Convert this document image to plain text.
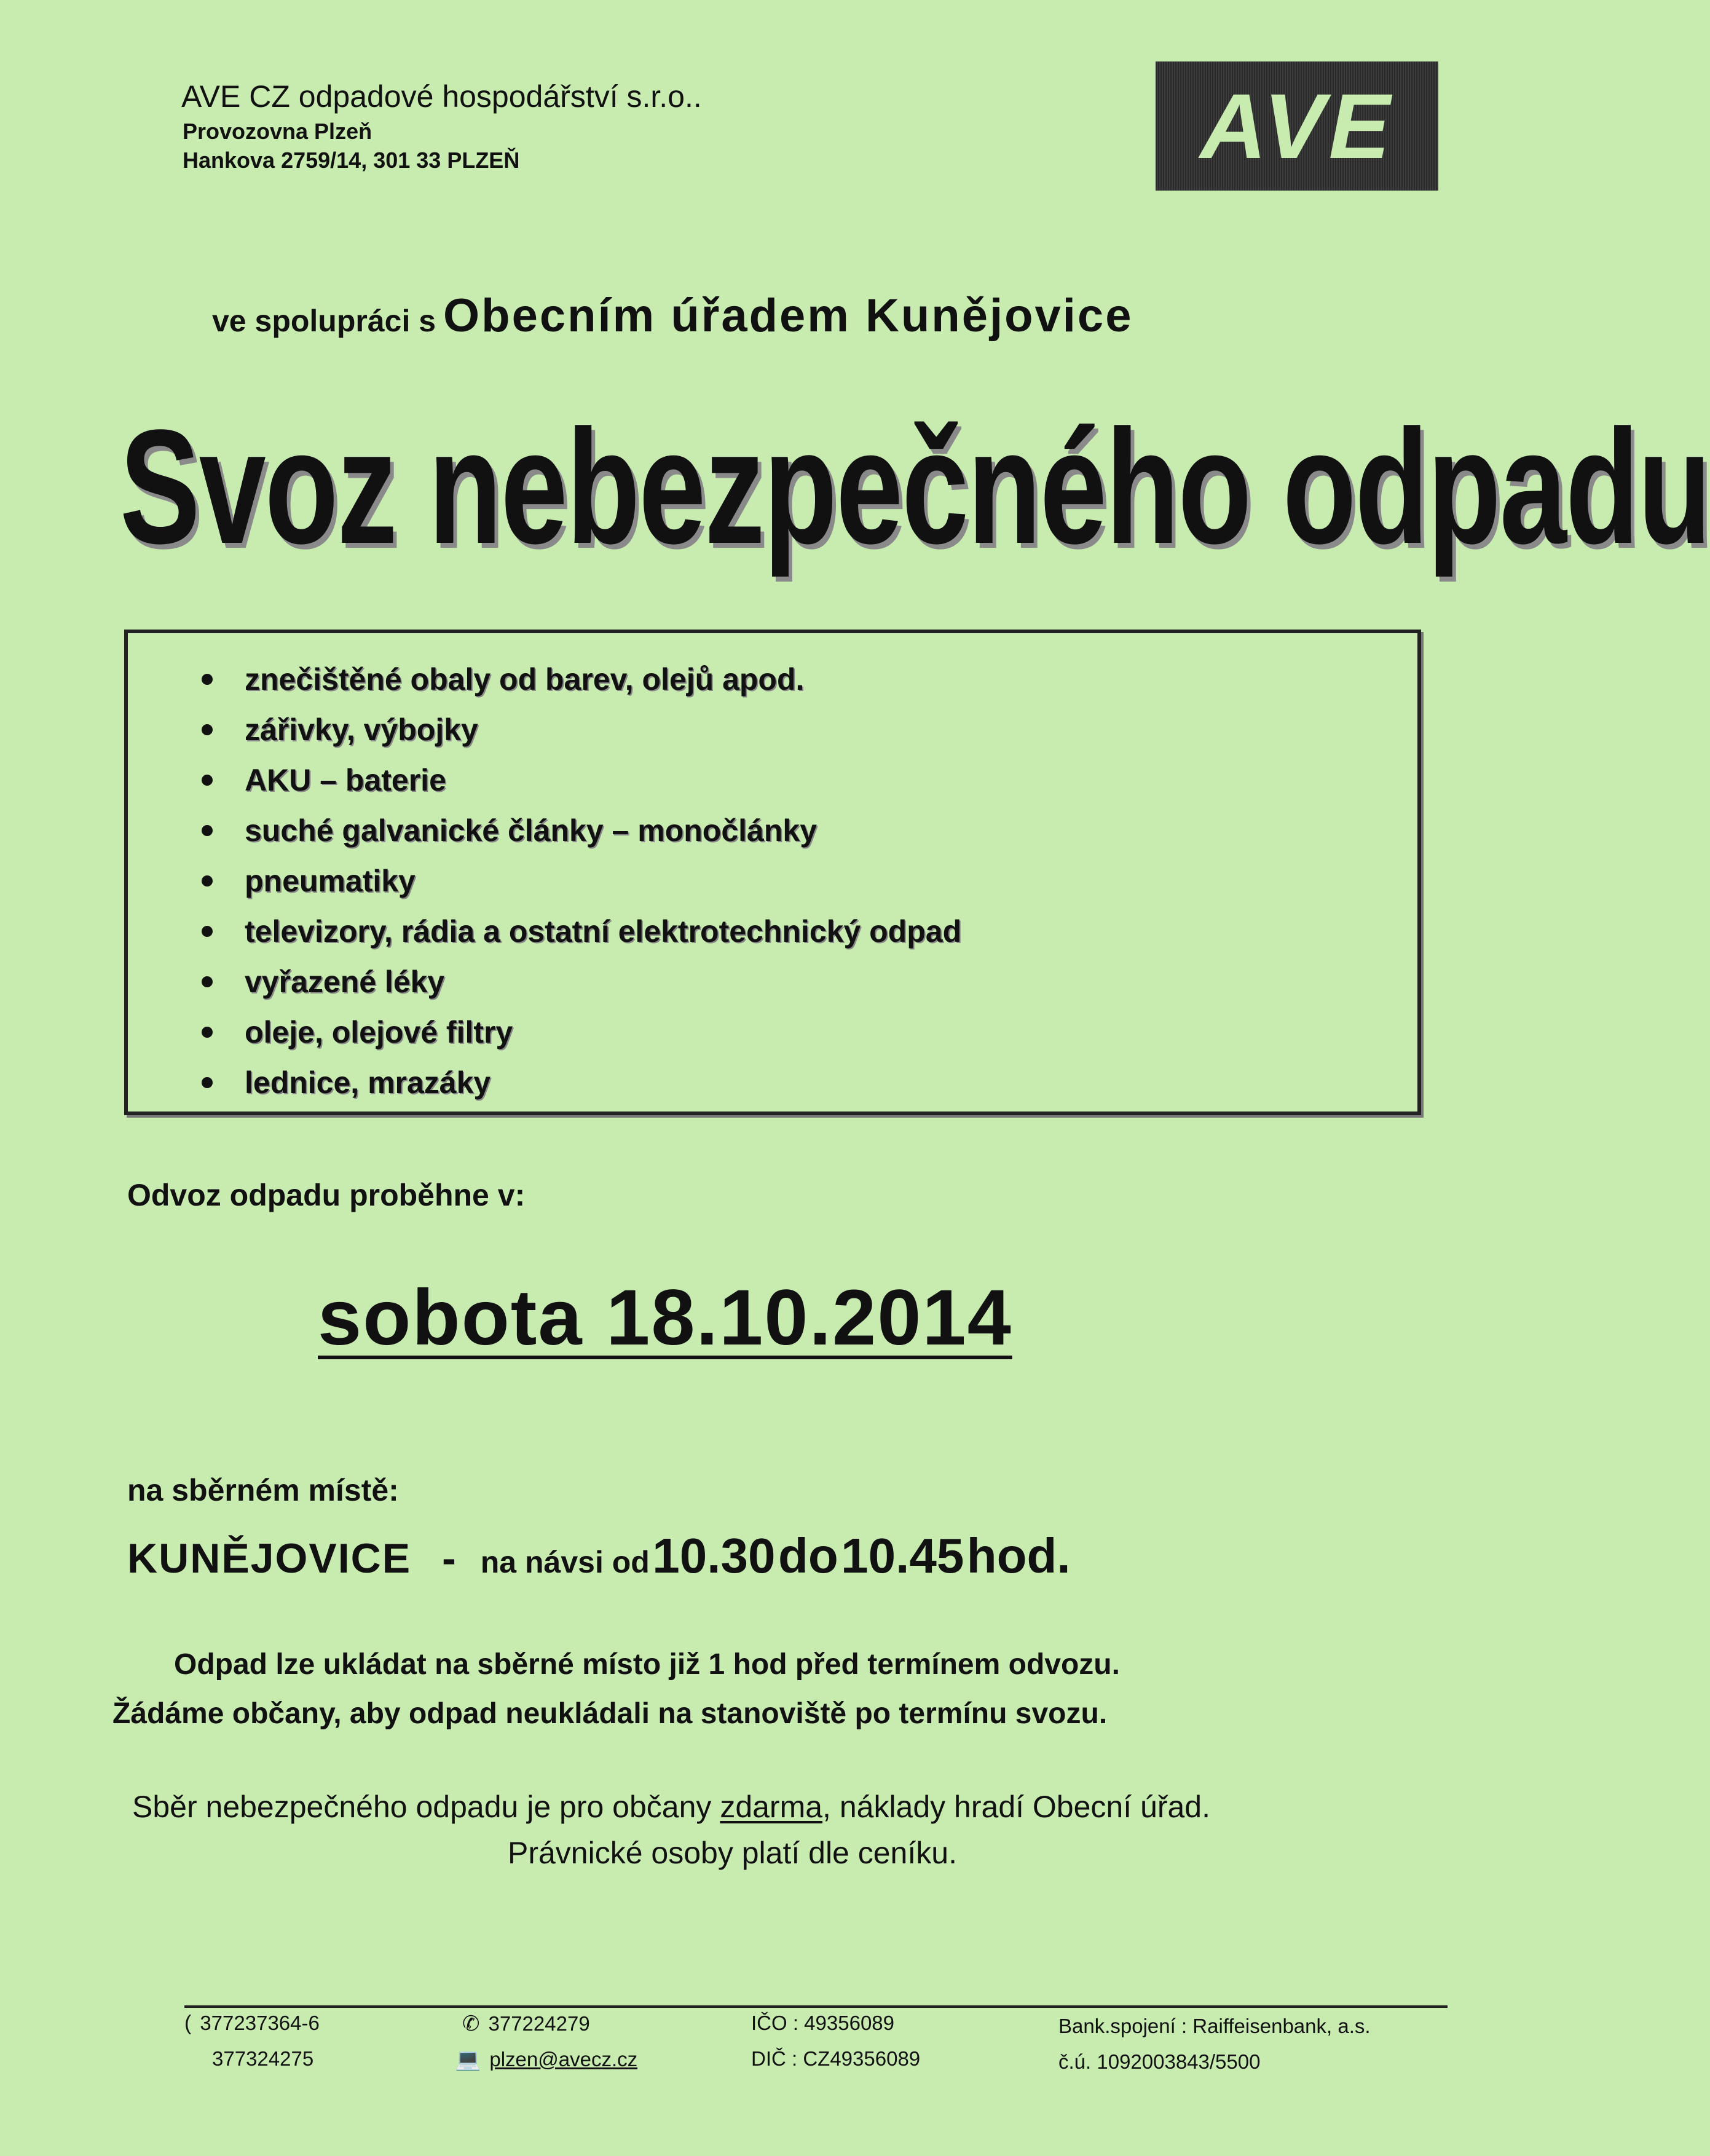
AVE CZ odpadové hospodářství s.r.o..
Provozovna Plzeň
Hankova 2759/14, 301 33 PLZEŇ	AVE
ve spolupráci s Obecním úřadem Kunějovice
Svoz nebezpečného odpadu
znečištěné obaly od barev, olejů apod.
zářivky, výbojky
AKU – baterie
suché galvanické články – monočlánky
pneumatiky
televizory, rádia a ostatní elektrotechnický odpad
vyřazené léky
oleje, olejové filtry
lednice, mrazáky
Odvoz odpadu proběhne v:
sobota 18.10.2014
na sběrném místě:
KUNĚJOVICE - na návsi od 10.30 do 10.45 hod.
Odpad lze ukládat na sběrné místo již 1 hod před termínem odvozu.
Žádáme občany, aby odpad neukládali na stanoviště po termínu svozu.
Sběr nebezpečného odpadu je pro občany zdarma, náklady hradí Obecní úřad.
Právnické osoby platí dle ceníku.
( 377237364-6
377324275
✆ 377224279
💻 plzen@avecz.cz
IČO : 49356089
DIČ : CZ49356089
Bank.spojení : Raiffeisenbank, a.s.
č.ú. 1092003843/5500
